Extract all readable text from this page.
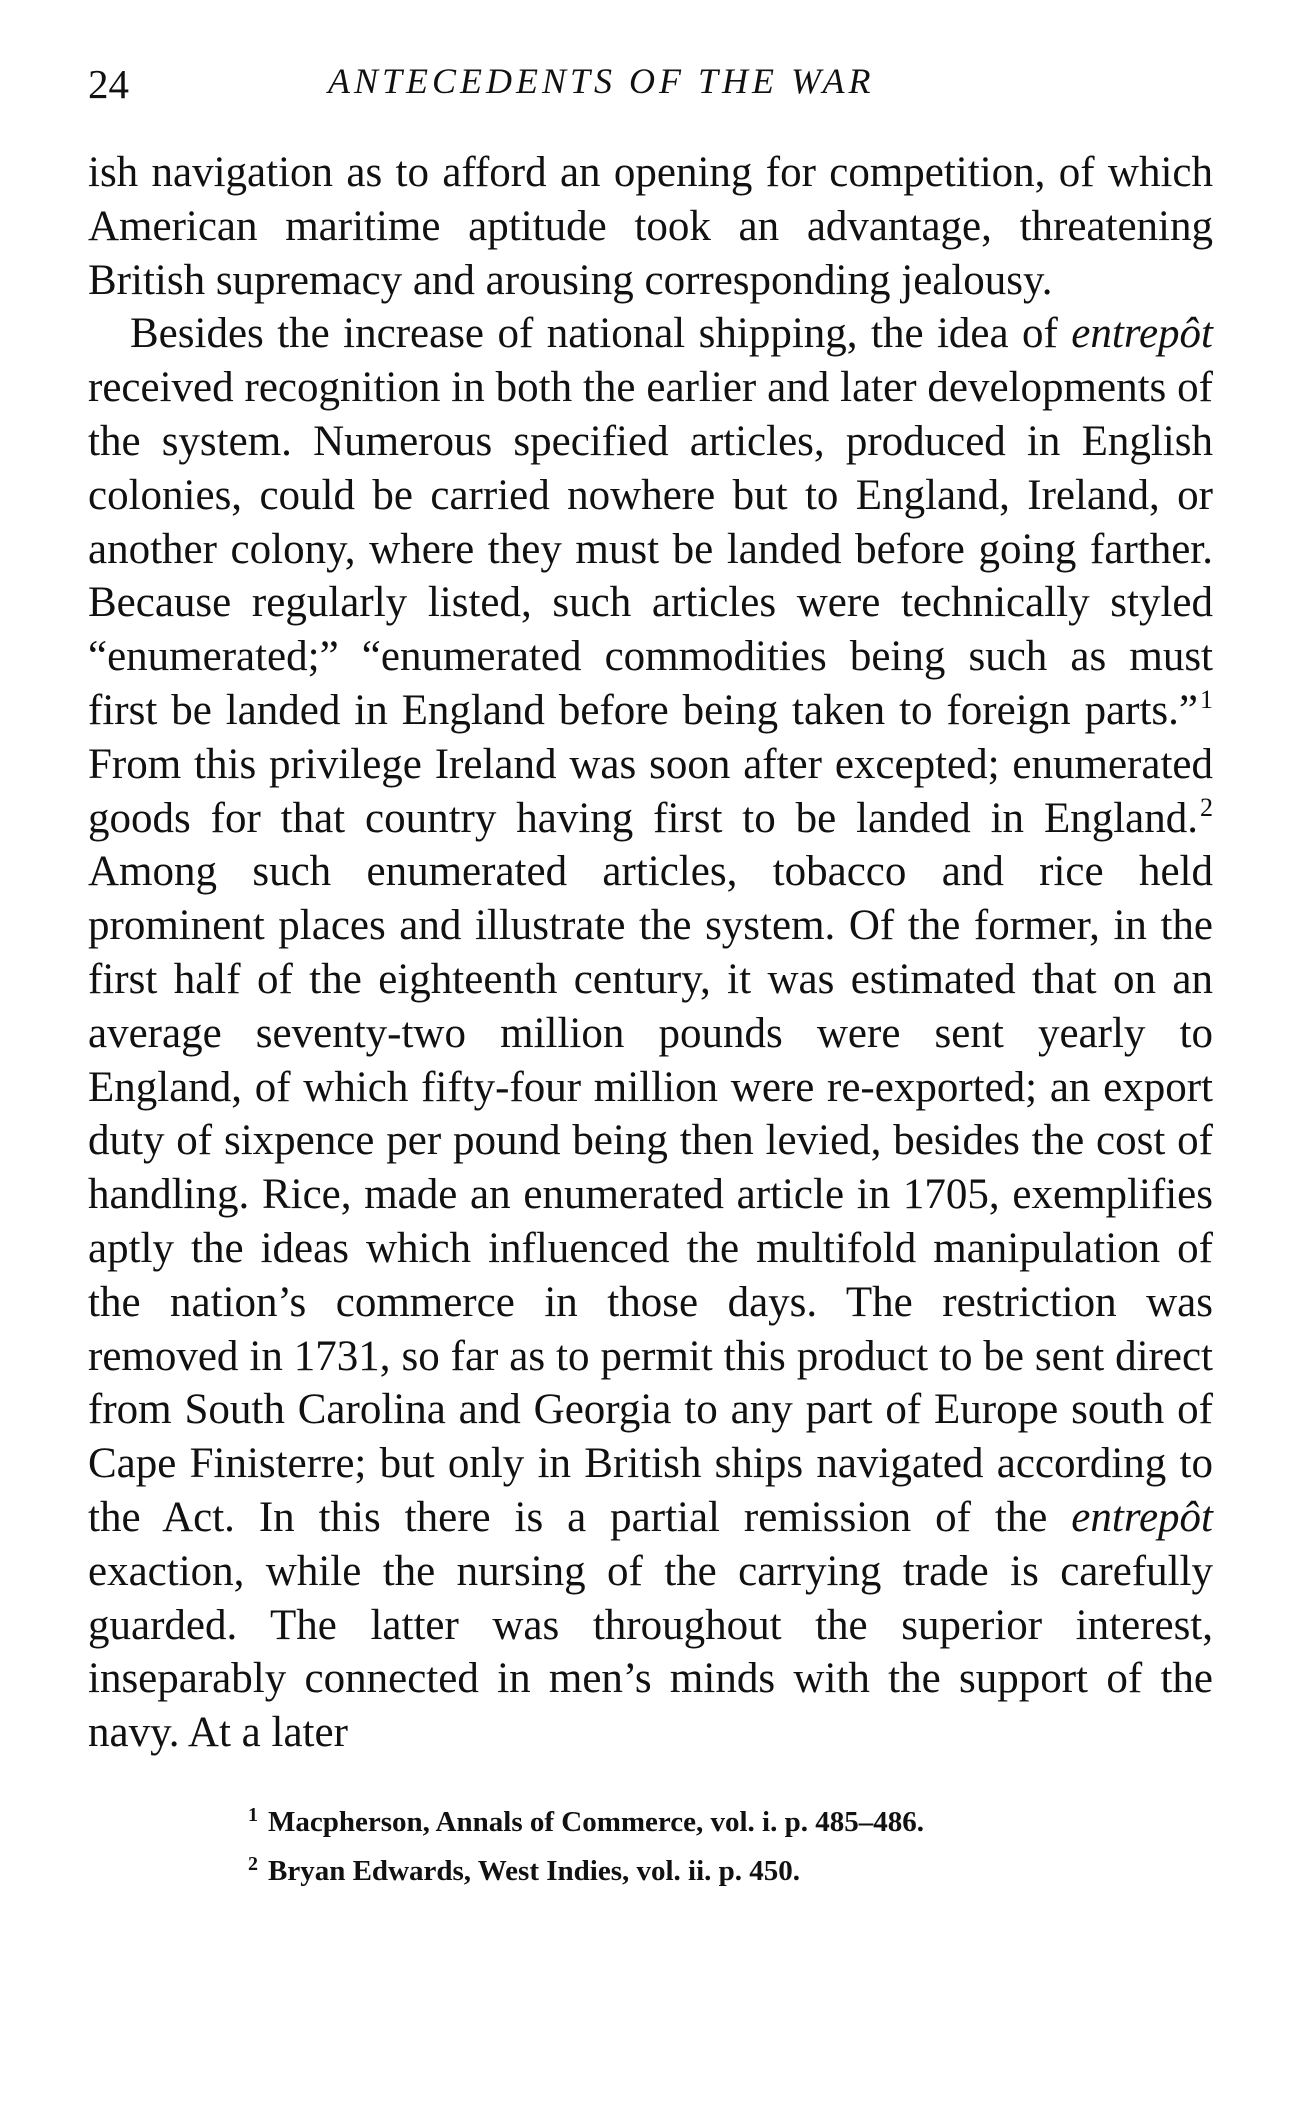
24	ANTECEDENTS OF THE WAR

ish navigation as to afford an opening for competition, of which American maritime aptitude took an advantage, threatening British supremacy and arousing corresponding jealousy.

Besides the increase of national shipping, the idea of entrepôt received recognition in both the earlier and later developments of the system. Numerous specified articles, produced in English colonies, could be carried nowhere but to England, Ireland, or another colony, where they must be landed before going farther. Because regularly listed, such articles were technically styled “enumerated;” “enumerated commodities being such as must first be landed in England before being taken to foreign parts.”$^1$ From this privilege Ireland was soon after excepted; enumerated goods for that country having first to be landed in England.$^2$ Among such enumerated articles, tobacco and rice held prominent places and illustrate the system. Of the former, in the first half of the eighteenth century, it was estimated that on an average seventy-two million pounds were sent yearly to England, of which fifty-four million were re-exported; an export duty of sixpence per pound being then levied, besides the cost of handling. Rice, made an enumerated article in 1705, exemplifies aptly the ideas which influenced the multifold manipulation of the nation’s commerce in those days. The restriction was removed in 1731, so far as to permit this product to be sent direct from South Carolina and Georgia to any part of Europe south of Cape Finisterre; but only in British ships navigated according to the Act. In this there is a partial remission of the entrepôt exaction, while the nursing of the carrying trade is carefully guarded. The latter was throughout the superior interest, inseparably connected in men’s minds with the support of the navy. At a later

$^1$ Macpherson, Annals of Commerce, vol. i. p. 485–486.
$^2$ Bryan Edwards, West Indies, vol. ii. p. 450.
